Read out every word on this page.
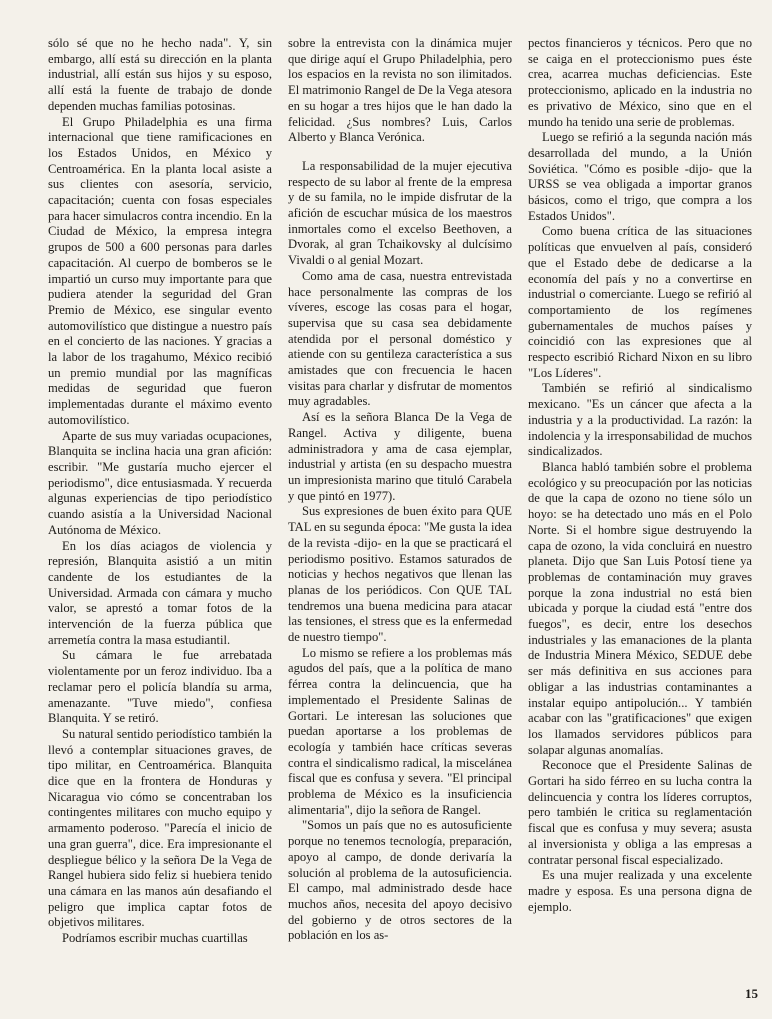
sólo sé que no he hecho nada". Y, sin embargo, allí está su dirección en la planta industrial, allí están sus hijos y su esposo, allí está la fuente de trabajo de donde dependen muchas familias potosinas.

El Grupo Philadelphia es una firma internacional que tiene ramificaciones en los Estados Unidos, en México y Centroamérica. En la planta local asiste a sus clientes con asesoría, servicio, capacitación; cuenta con fosas especiales para hacer simulacros contra incendio. En la Ciudad de México, la empresa integra grupos de 500 a 600 personas para darles capacitación. Al cuerpo de bomberos se le impartió un curso muy importante para que pudiera atender la seguridad del Gran Premio de México, ese singular evento automovilístico que distingue a nuestro país en el concierto de las naciones. Y gracias a la labor de los tragahumo, México recibió un premio mundial por las magníficas medidas de seguridad que fueron implementadas durante el máximo evento automovilístico.

Aparte de sus muy variadas ocupaciones, Blanquita se inclina hacia una gran afición: escribir. "Me gustaría mucho ejercer el periodismo", dice entusiasmada. Y recuerda algunas experiencias de tipo periodístico cuando asistía a la Universidad Nacional Autónoma de México.

En los días aciagos de violencia y represión, Blanquita asistió a un mitin candente de los estudiantes de la Universidad. Armada con cámara y mucho valor, se aprestó a tomar fotos de la intervención de la fuerza pública que arremetía contra la masa estudiantil.

Su cámara le fue arrebatada violentamente por un feroz individuo. Iba a reclamar pero el policía blandía su arma, amenazante. "Tuve miedo", confiesa Blanquita. Y se retiró.

Su natural sentido periodístico también la llevó a contemplar situaciones graves, de tipo militar, en Centroamérica. Blanquita dice que en la frontera de Honduras y Nicaragua vio cómo se concentraban los contingentes militares con mucho equipo y armamento poderoso. "Parecía el inicio de una gran guerra", dice. Era impresionante el despliegue bélico y la señora De la Vega de Rangel hubiera sido feliz si huebiera tenido una cámara en las manos aún desafiando el peligro que implica captar fotos de objetivos militares.

Podríamos escribir muchas cuartillas

sobre la entrevista con la dinámica mujer que dirige aquí el Grupo Philadelphia, pero los espacios en la revista no son ilimitados. El matrimonio Rangel de De la Vega atesora en su hogar a tres hijos que le han dado la felicidad. ¿Sus nombres? Luis, Carlos Alberto y Blanca Verónica.

La responsabilidad de la mujer ejecutiva respecto de su labor al frente de la empresa y de su famila, no le impide disfrutar de la afición de escuchar música de los maestros inmortales como el excelso Beethoven, a Dvorak, al gran Tchaikovsky al dulcísimo Vivaldi o al genial Mozart.

Como ama de casa, nuestra entrevistada hace personalmente las compras de los víveres, escoge las cosas para el hogar, supervisa que su casa sea debidamente atendida por el personal doméstico y atiende con su gentileza característica a sus amistades que con frecuencia le hacen visitas para charlar y disfrutar de momentos muy agradables.

Así es la señora Blanca De la Vega de Rangel. Activa y diligente, buena administradora y ama de casa ejemplar, industrial y artista (en su despacho muestra un impresionista marino que tituló Carabela y que pintó en 1977).

Sus expresiones de buen éxito para QUE TAL en su segunda época: "Me gusta la idea de la revista -dijo- en la que se practicará el periodismo positivo. Estamos saturados de noticias y hechos negativos que llenan las planas de los periódicos. Con QUE TAL tendremos una buena medicina para atacar las tensiones, el stress que es la enfermedad de nuestro tiempo".

Lo mismo se refiere a los problemas más agudos del país, que a la política de mano férrea contra la delincuencia, que ha implementado el Presidente Salinas de Gortari. Le interesan las soluciones que puedan aportarse a los problemas de ecología y también hace críticas severas contra el sindicalismo radical, la miscelánea fiscal que es confusa y severa. "El principal problema de México es la insuficiencia alimentaria", dijo la señora de Rangel.

"Somos un país que no es autosuficiente porque no tenemos tecnología, preparación, apoyo al campo, de donde derivaría la solución al problema de la autosuficiencia. El campo, mal administrado desde hace muchos años, necesita del apoyo decisivo del gobierno y de otros sectores de la población en los as-

pectos financieros y técnicos. Pero que no se caiga en el proteccionismo pues éste crea, acarrea muchas deficiencias. Este proteccionismo, aplicado en la industria no es privativo de México, sino que en el mundo ha tenido una serie de problemas.

Luego se refirió a la segunda nación más desarrollada del mundo, a la Unión Soviética. "Cómo es posible -dijo- que la URSS se vea obligada a importar granos básicos, como el trigo, que compra a los Estados Unidos".

Como buena crítica de las situaciones políticas que envuelven al país, consideró que el Estado debe de dedicarse a la economía del país y no a convertirse en industrial o comerciante. Luego se refirió al comportamiento de los regímenes gubernamentales de muchos países y coincidió con las expresiones que al respecto escribió Richard Nixon en su libro "Los Líderes".

También se refirió al sindicalismo mexicano. "Es un cáncer que afecta a la industria y a la productividad. La razón: la indolencia y la irresponsabilidad de muchos sindicalizados.

Blanca habló también sobre el problema ecológico y su preocupación por las noticias de que la capa de ozono no tiene sólo un hoyo: se ha detectado uno más en el Polo Norte. Si el hombre sigue destruyendo la capa de ozono, la vida concluirá en nuestro planeta. Dijo que San Luis Potosí tiene ya problemas de contaminación muy graves porque la zona industrial no está bien ubicada y porque la ciudad está "entre dos fuegos", es decir, entre los desechos industriales y las emanaciones de la planta de Industria Minera México, SEDUE debe ser más definitiva en sus acciones para obligar a las industrias contaminantes a instalar equipo antipolución... Y también acabar con las "gratificaciones" que exigen los llamados servidores públicos para solapar algunas anomalías.

Reconoce que el Presidente Salinas de Gortari ha sido férreo en su lucha contra la delincuencia y contra los líderes corruptos, pero también le critica su reglamentación fiscal que es confusa y muy severa; asusta al inversionista y obliga a las empresas a contratar personal fiscal especializado.

Es una mujer realizada y una excelente madre y esposa. Es una persona digna de ejemplo.

15
